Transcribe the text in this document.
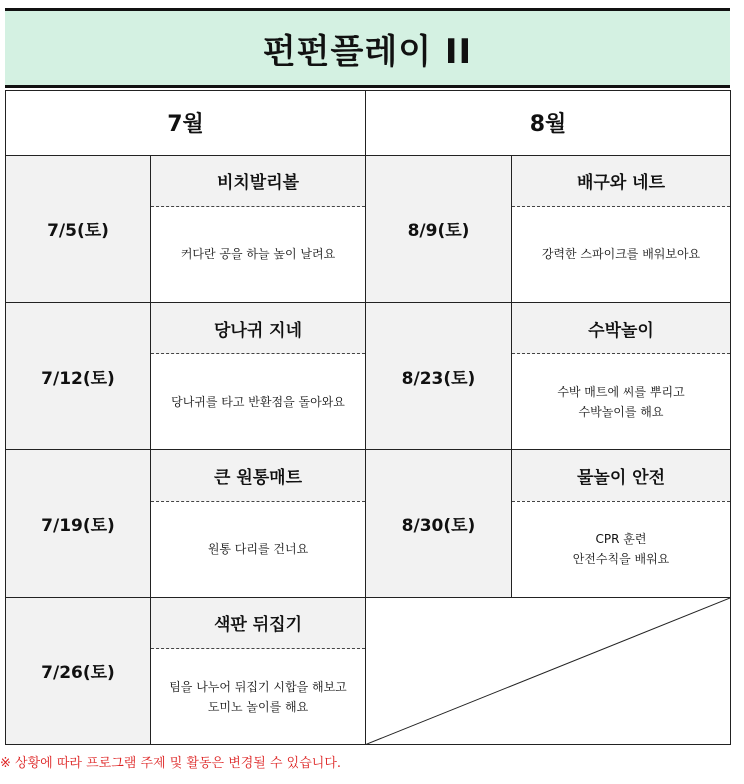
펀펀플레이 II
7월		8월	
7/5(토)	비치발리볼	8/9(토)	배구와 네트

	커다란 공을 하늘 높이 날려요		강력한 스파이크를 배워보아요

7/12(토)	당나귀 지네	8/23(토)	수박놀이

	당나귀를 타고 반환점을 돌아와요		수박 매트에 씨를 뿌리고
수박놀이를 해요

7/19(토)	큰 원통매트	8/30(토)	물놀이 안전

	원통 다리를 건너요		CPR 훈련
안전수칙을 배워요

7/26(토)	색판 뒤집기	

	팀을 나누어 뒤집기 시합을 해보고
도미노 놀이를 해요		
※ 상황에 따라 프로그램 주제 및 활동은 변경될 수 있습니다.
